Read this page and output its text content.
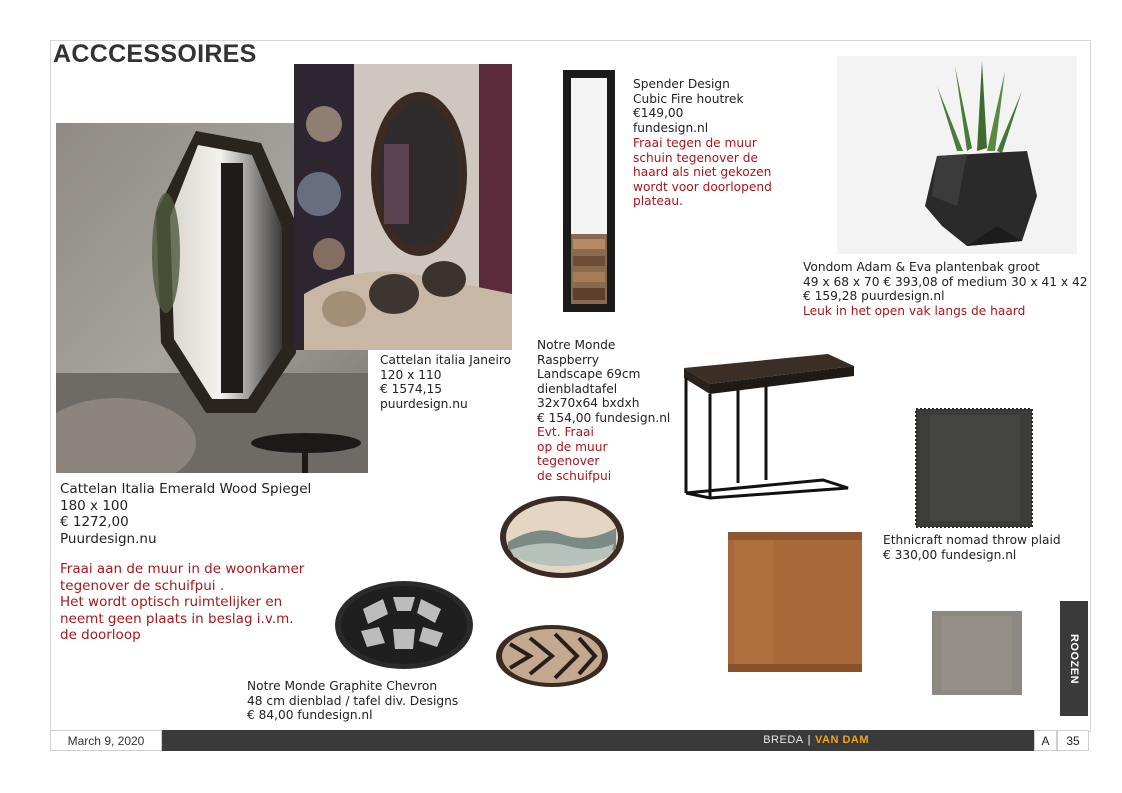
ACCCESSOIRES
Cattelan Italia Emerald Wood Spiegel
180 x 100
€ 1272,00
Puurdesign.nu
Fraai aan de muur in de woonkamer
tegenover de schuifpui .
Het wordt optisch ruimtelijker en
neemt geen plaats in beslag i.v.m.
de doorloop
Cattelan italia Janeiro
120 x 110
€ 1574,15
puurdesign.nu
Spender Design
Cubic Fire houtrek
€149,00
fundesign.nl
Fraai tegen de muur
schuin tegenover de
haard als niet gekozen
wordt voor doorlopend
plateau.
Vondom Adam & Eva plantenbak groot
49 x 68 x 70 € 393,08 of medium 30 x 41 x 42
€ 159,28 puurdesign.nl
Leuk in het open vak langs de haard
Notre Monde
Raspberry
Landscape 69cm
dienbladtafel
32x70x64 bxdxh
€ 154,00 fundesign.nl
Evt. Fraai
op de muur
tegenover
de schuifpui
Ethnicraft nomad throw plaid
€ 330,00 fundesign.nl
Notre Monde Graphite Chevron
48 cm dienblad / tafel div. Designs
€ 84,00 fundesign.nl
ROOZEN
March 9, 2020	BREDA | VAN DAM	A	35
